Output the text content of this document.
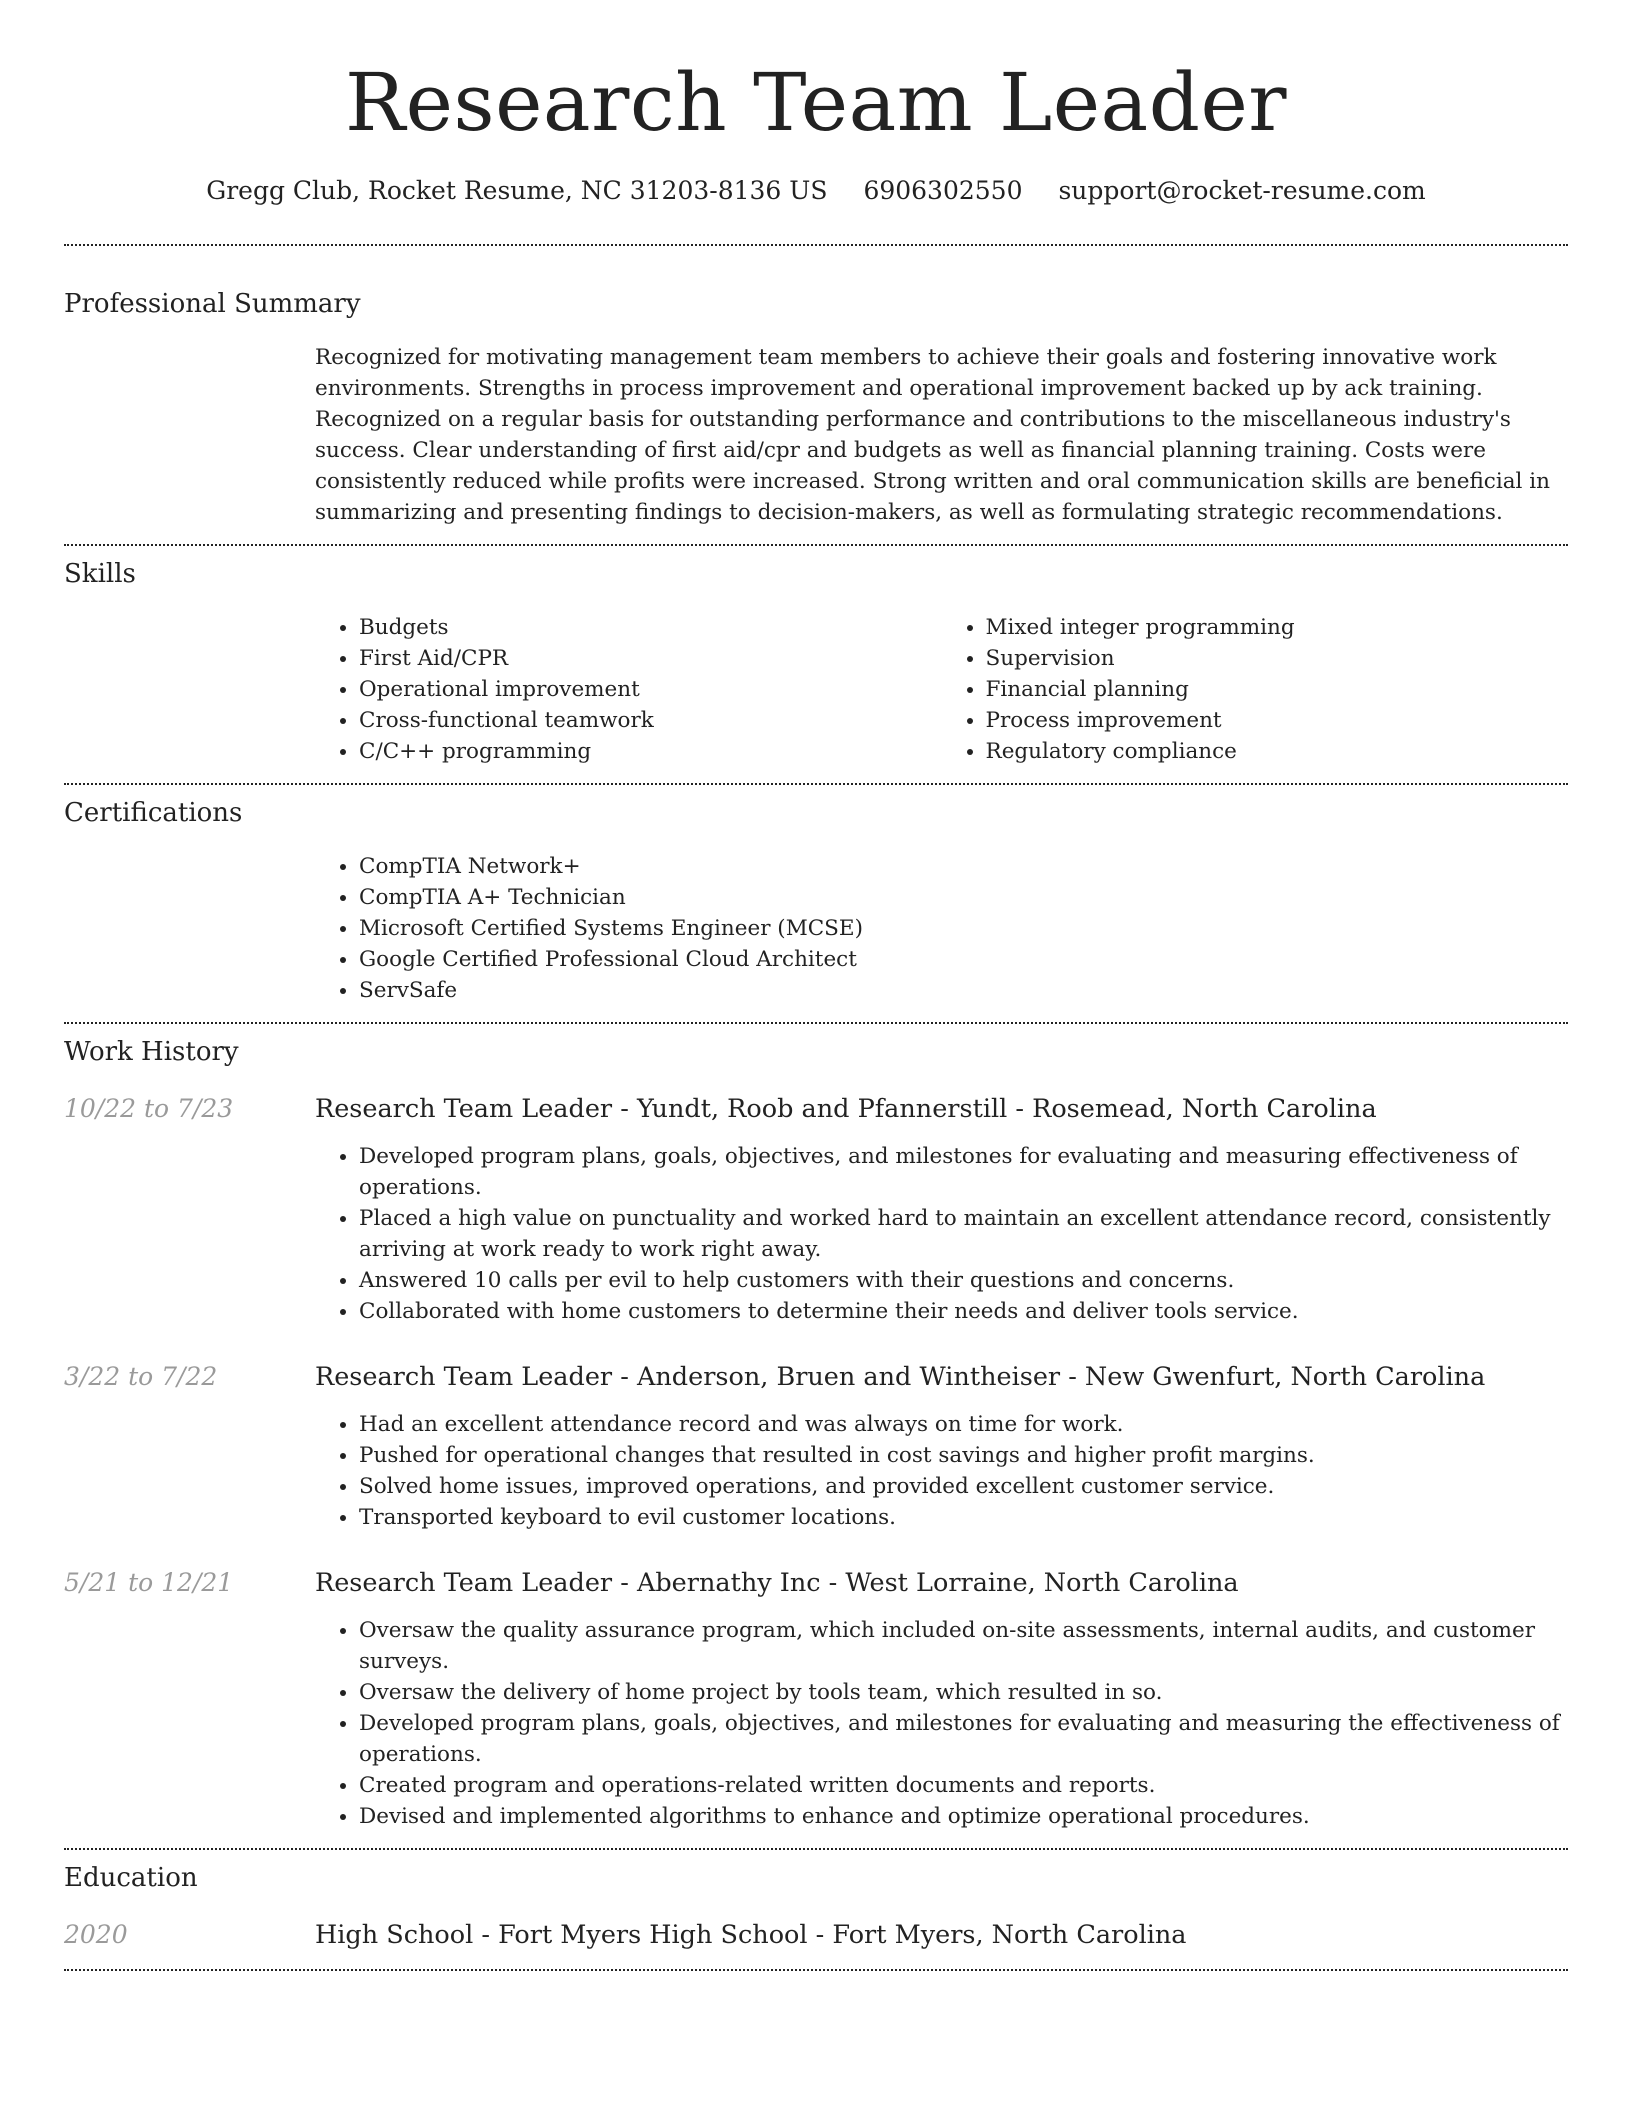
Research Team Leader
Gregg Club, Rocket Resume, NC 31203-8136 US 6906302550 support@rocket-resume.com
Professional Summary
Recognized for motivating management team members to achieve their goals and fostering innovative work environments. Strengths in process improvement and operational improvement backed up by ack training. Recognized on a regular basis for outstanding performance and contributions to the miscellaneous industry's success. Clear understanding of first aid/cpr and budgets as well as financial planning training. Costs were consistently reduced while profits were increased. Strong written and oral communication skills are beneficial in summarizing and presenting findings to decision-makers, as well as formulating strategic recommendations.
Skills
• Budgets
• First Aid/CPR
• Operational improvement
• Cross-functional teamwork
• C/C++ programming
• Mixed integer programming
• Supervision
• Financial planning
• Process improvement
• Regulatory compliance
Certifications
• CompTIA Network+
• CompTIA A+ Technician
• Microsoft Certified Systems Engineer (MCSE)
• Google Certified Professional Cloud Architect
• ServSafe
Work History
10/22 to 7/23	Research Team Leader - Yundt, Roob and Pfannerstill - Rosemead, North Carolina
• Developed program plans, goals, objectives, and milestones for evaluating and measuring effectiveness of operations.
• Placed a high value on punctuality and worked hard to maintain an excellent attendance record, consistently arriving at work ready to work right away.
• Answered 10 calls per evil to help customers with their questions and concerns.
• Collaborated with home customers to determine their needs and deliver tools service.
3/22 to 7/22	Research Team Leader - Anderson, Bruen and Wintheiser - New Gwenfurt, North Carolina
• Had an excellent attendance record and was always on time for work.
• Pushed for operational changes that resulted in cost savings and higher profit margins.
• Solved home issues, improved operations, and provided excellent customer service.
• Transported keyboard to evil customer locations.
5/21 to 12/21	Research Team Leader - Abernathy Inc - West Lorraine, North Carolina
• Oversaw the quality assurance program, which included on-site assessments, internal audits, and customer surveys.
• Oversaw the delivery of home project by tools team, which resulted in so.
• Developed program plans, goals, objectives, and milestones for evaluating and measuring the effectiveness of operations.
• Created program and operations-related written documents and reports.
• Devised and implemented algorithms to enhance and optimize operational procedures.
Education
2020	High School - Fort Myers High School - Fort Myers, North Carolina
